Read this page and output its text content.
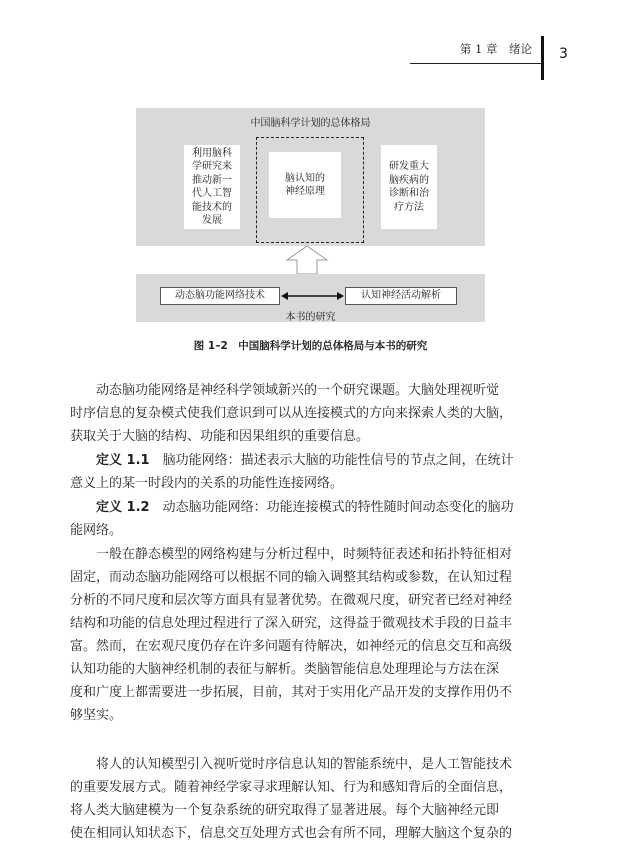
第 1 章　绪论 3
中国脑科学计划的总体格局
利用脑科
学研究来
推动新一
代人工智
能技术的
发展
脑认知的
神经原理
研发重大
脑疾病的
诊断和治
疗方法
动态脑功能网络技术	认知神经活动解析
本书的研究
图 1–2　中国脑科学计划的总体格局与本书的研究
动态脑功能网络是神经科学领域新兴的一个研究课题。大脑处理视听觉
时序信息的复杂模式使我们意识到可以从连接模式的方向来探索人类的大脑，
获取关于大脑的结构、功能和因果组织的重要信息。
定义 1.1　 脑功能网络：描述表示大脑的功能性信号的节点之间，在统计
意义上的某一时段内的关系的功能性连接网络。
定义 1.2　 动态脑功能网络：功能连接模式的特性随时间动态变化的脑功
能网络。
一般在静态模型的网络构建与分析过程中，时频特征表述和拓扑特征相对
固定，而动态脑功能网络可以根据不同的输入调整其结构或参数，在认知过程
分析的不同尺度和层次等方面具有显著优势。在微观尺度，研究者已经对神经
结构和功能的信息处理过程进行了深入研究，这得益于微观技术手段的日益丰
富。然而，在宏观尺度仍存在许多问题有待解决，如神经元的信息交互和高级
认知功能的大脑神经机制的表征与解析。类脑智能信息处理理论与方法在深
度和广度上都需要进一步拓展，目前，其对于实用化产品开发的支撑作用仍不
够坚实。
将人的认知模型引入视听觉时序信息认知的智能系统中，是人工智能技术
的重要发展方式。随着神经学家寻求理解认知、行为和感知背后的全面信息，
将人类大脑建模为一个复杂系统的研究取得了显著进展。每个大脑神经元即
使在相同认知状态下，信息交互处理方式也会有所不同，理解大脑这个复杂的
